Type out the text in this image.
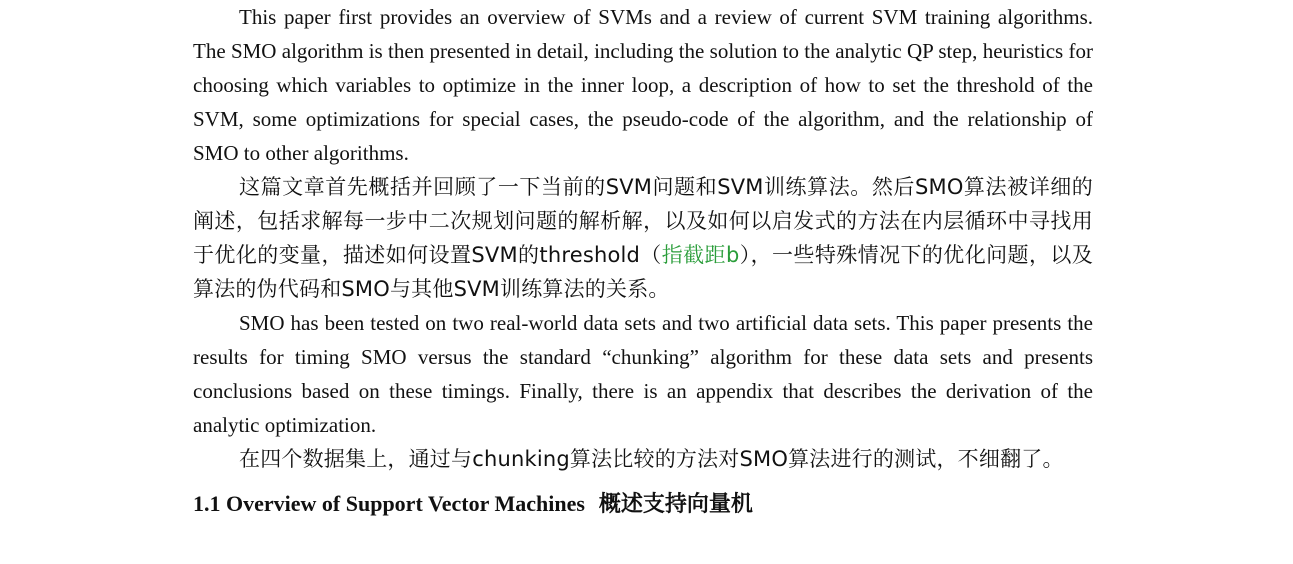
This paper first provides an overview of SVMs and a review of current SVM training algorithms. The SMO algorithm is then presented in detail, including the solution to the analytic QP step, heuristics for choosing which variables to optimize in the inner loop, a description of how to set the threshold of the SVM, some optimizations for special cases, the pseudo-code of the algorithm, and the relationship of SMO to other algorithms.

这篇文章首先概括并回顾了一下当前的SVM问题和SVM训练算法。然后SMO算法被详细的阐述，包括求解每一步中二次规划问题的解析解，以及如何以启发式的方法在内层循环中寻找用于优化的变量，描述如何设置SVM的threshold（指截距b），一些特殊情况下的优化问题，以及算法的伪代码和SMO与其他SVM训练算法的关系。

SMO has been tested on two real-world data sets and two artificial data sets. This paper presents the results for timing SMO versus the standard “chunking” algorithm for these data sets and presents conclusions based on these timings. Finally, there is an appendix that describes the derivation of the analytic optimization.

在四个数据集上，通过与chunking算法比较的方法对SMO算法进行的测试，不细翻了。

1.1 Overview of Support Vector Machines 概述支持向量机
